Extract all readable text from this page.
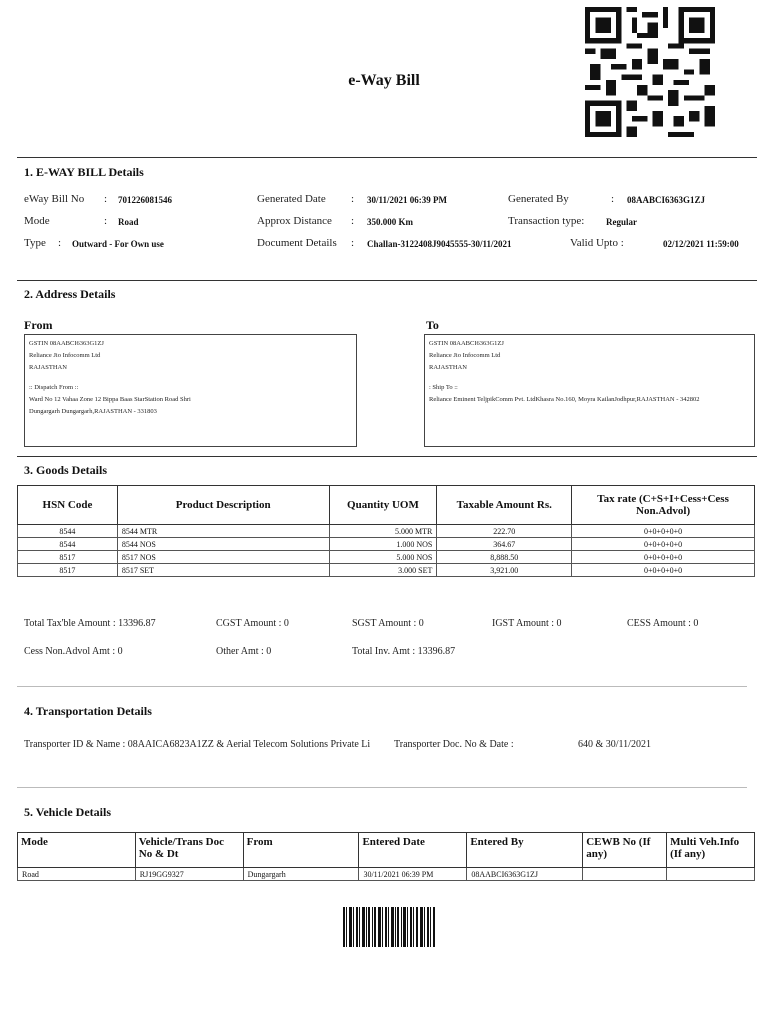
e-Way Bill
1. E-WAY BILL Details
eWay Bill No : 701226081546
Mode	: Road
Type : Outward - For Own use
Generated Date : 30/11/2021 06:39 PM
Approx Distance : 350.000 Km
Document Details : Challan-3122408J9045555-30/11/2021
Generated By	: 08AABCI6363G1ZJ
Transaction type: Regular
Valid Upto :	02/12/2021 11:59:00
2. Address Details
From	To
GSTIN 08AABCI6363G1ZJ
Reliance Jio Infocomm Ltd
RAJASTHAN
:: Dispatch From ::
Ward No 12 Vahaa Zone 12 Bippa Baas StarStation Road Shri
Dungargarh Dungargarh,RAJASTHAN - 331803
GSTIN 08AABCI6363G1ZJ
Reliance Jio Infocomm Ltd
RAJASTHAN
: Ship To ::
Reliance Eminent TeljpikComm Pvt. LtdKhasra No.160, Moyra KailanJodhpur,RAJASTHAN - 342802
3. Goods Details
HSN Code	Product Description	Quantity UOM	Taxable Amount Rs.	Tax rate (C+S+I+Cess+Cess Non.Advol)
8544	8544 MTR	5.000 MTR	222.70	0+0+0+0+0
8544	8544 NOS	1.000 NOS	364.67	0+0+0+0+0
8517	8517 NOS	5.000 NOS	8,888.50	0+0+0+0+0
8517	8517 SET	3.000 SET	3,921.00	0+0+0+0+0
Total Tax'ble Amount : 13396.87	CGST Amount : 0	SGST Amount : 0	IGST Amount : 0	CESS Amount : 0
Cess Non.Advol Amt : 0	Other Amt : 0	Total Inv. Amt : 13396.87
4. Transportation Details
Transporter ID & Name : 08AAICA6823A1ZZ & Aerial Telecom Solutions Private Li Transporter Doc. No & Date :	640 & 30/11/2021
5. Vehicle Details
Mode	Vehicle/Trans Doc No & Dt	From	Entered Date	Entered By	CEWB No (If any)	Multi Veh.Info (If any)
Road	RJ19GG9327	Dungargarh	30/11/2021 06:39 PM	08AABCI6363G1ZJ		
